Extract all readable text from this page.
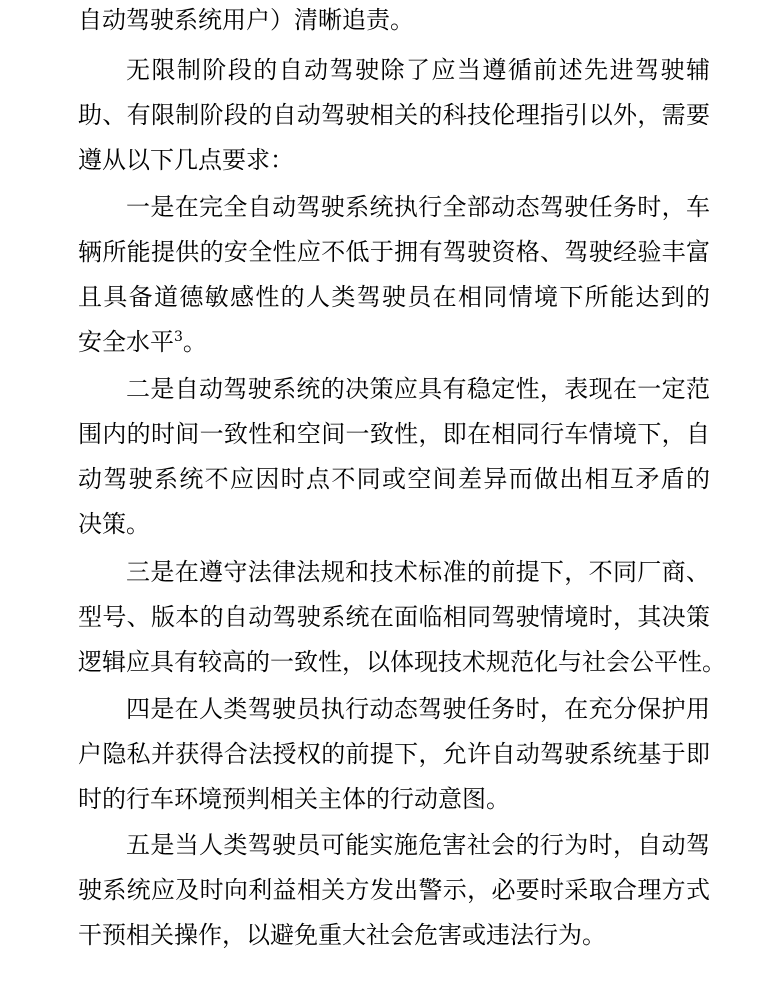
自动驾驶系统用户）清晰追责。
无限制阶段的自动驾驶除了应当遵循前述先进驾驶辅
助、有限制阶段的自动驾驶相关的科技伦理指引以外，需要
遵从以下几点要求：
一是在完全自动驾驶系统执行全部动态驾驶任务时，车
辆所能提供的安全性应不低于拥有驾驶资格、驾驶经验丰富
且具备道德敏感性的人类驾驶员在相同情境下所能达到的
安全水平$^3$。
二是自动驾驶系统的决策应具有稳定性，表现在一定范
围内的时间一致性和空间一致性，即在相同行车情境下，自
动驾驶系统不应因时点不同或空间差异而做出相互矛盾的
决策。
三是在遵守法律法规和技术标准的前提下，不同厂商、
型号、版本的自动驾驶系统在面临相同驾驶情境时，其决策
逻辑应具有较高的一致性，以体现技术规范化与社会公平性。
四是在人类驾驶员执行动态驾驶任务时，在充分保护用
户隐私并获得合法授权的前提下，允许自动驾驶系统基于即
时的行车环境预判相关主体的行动意图。
五是当人类驾驶员可能实施危害社会的行为时，自动驾
驶系统应及时向利益相关方发出警示，必要时采取合理方式
干预相关操作，以避免重大社会危害或违法行为。
